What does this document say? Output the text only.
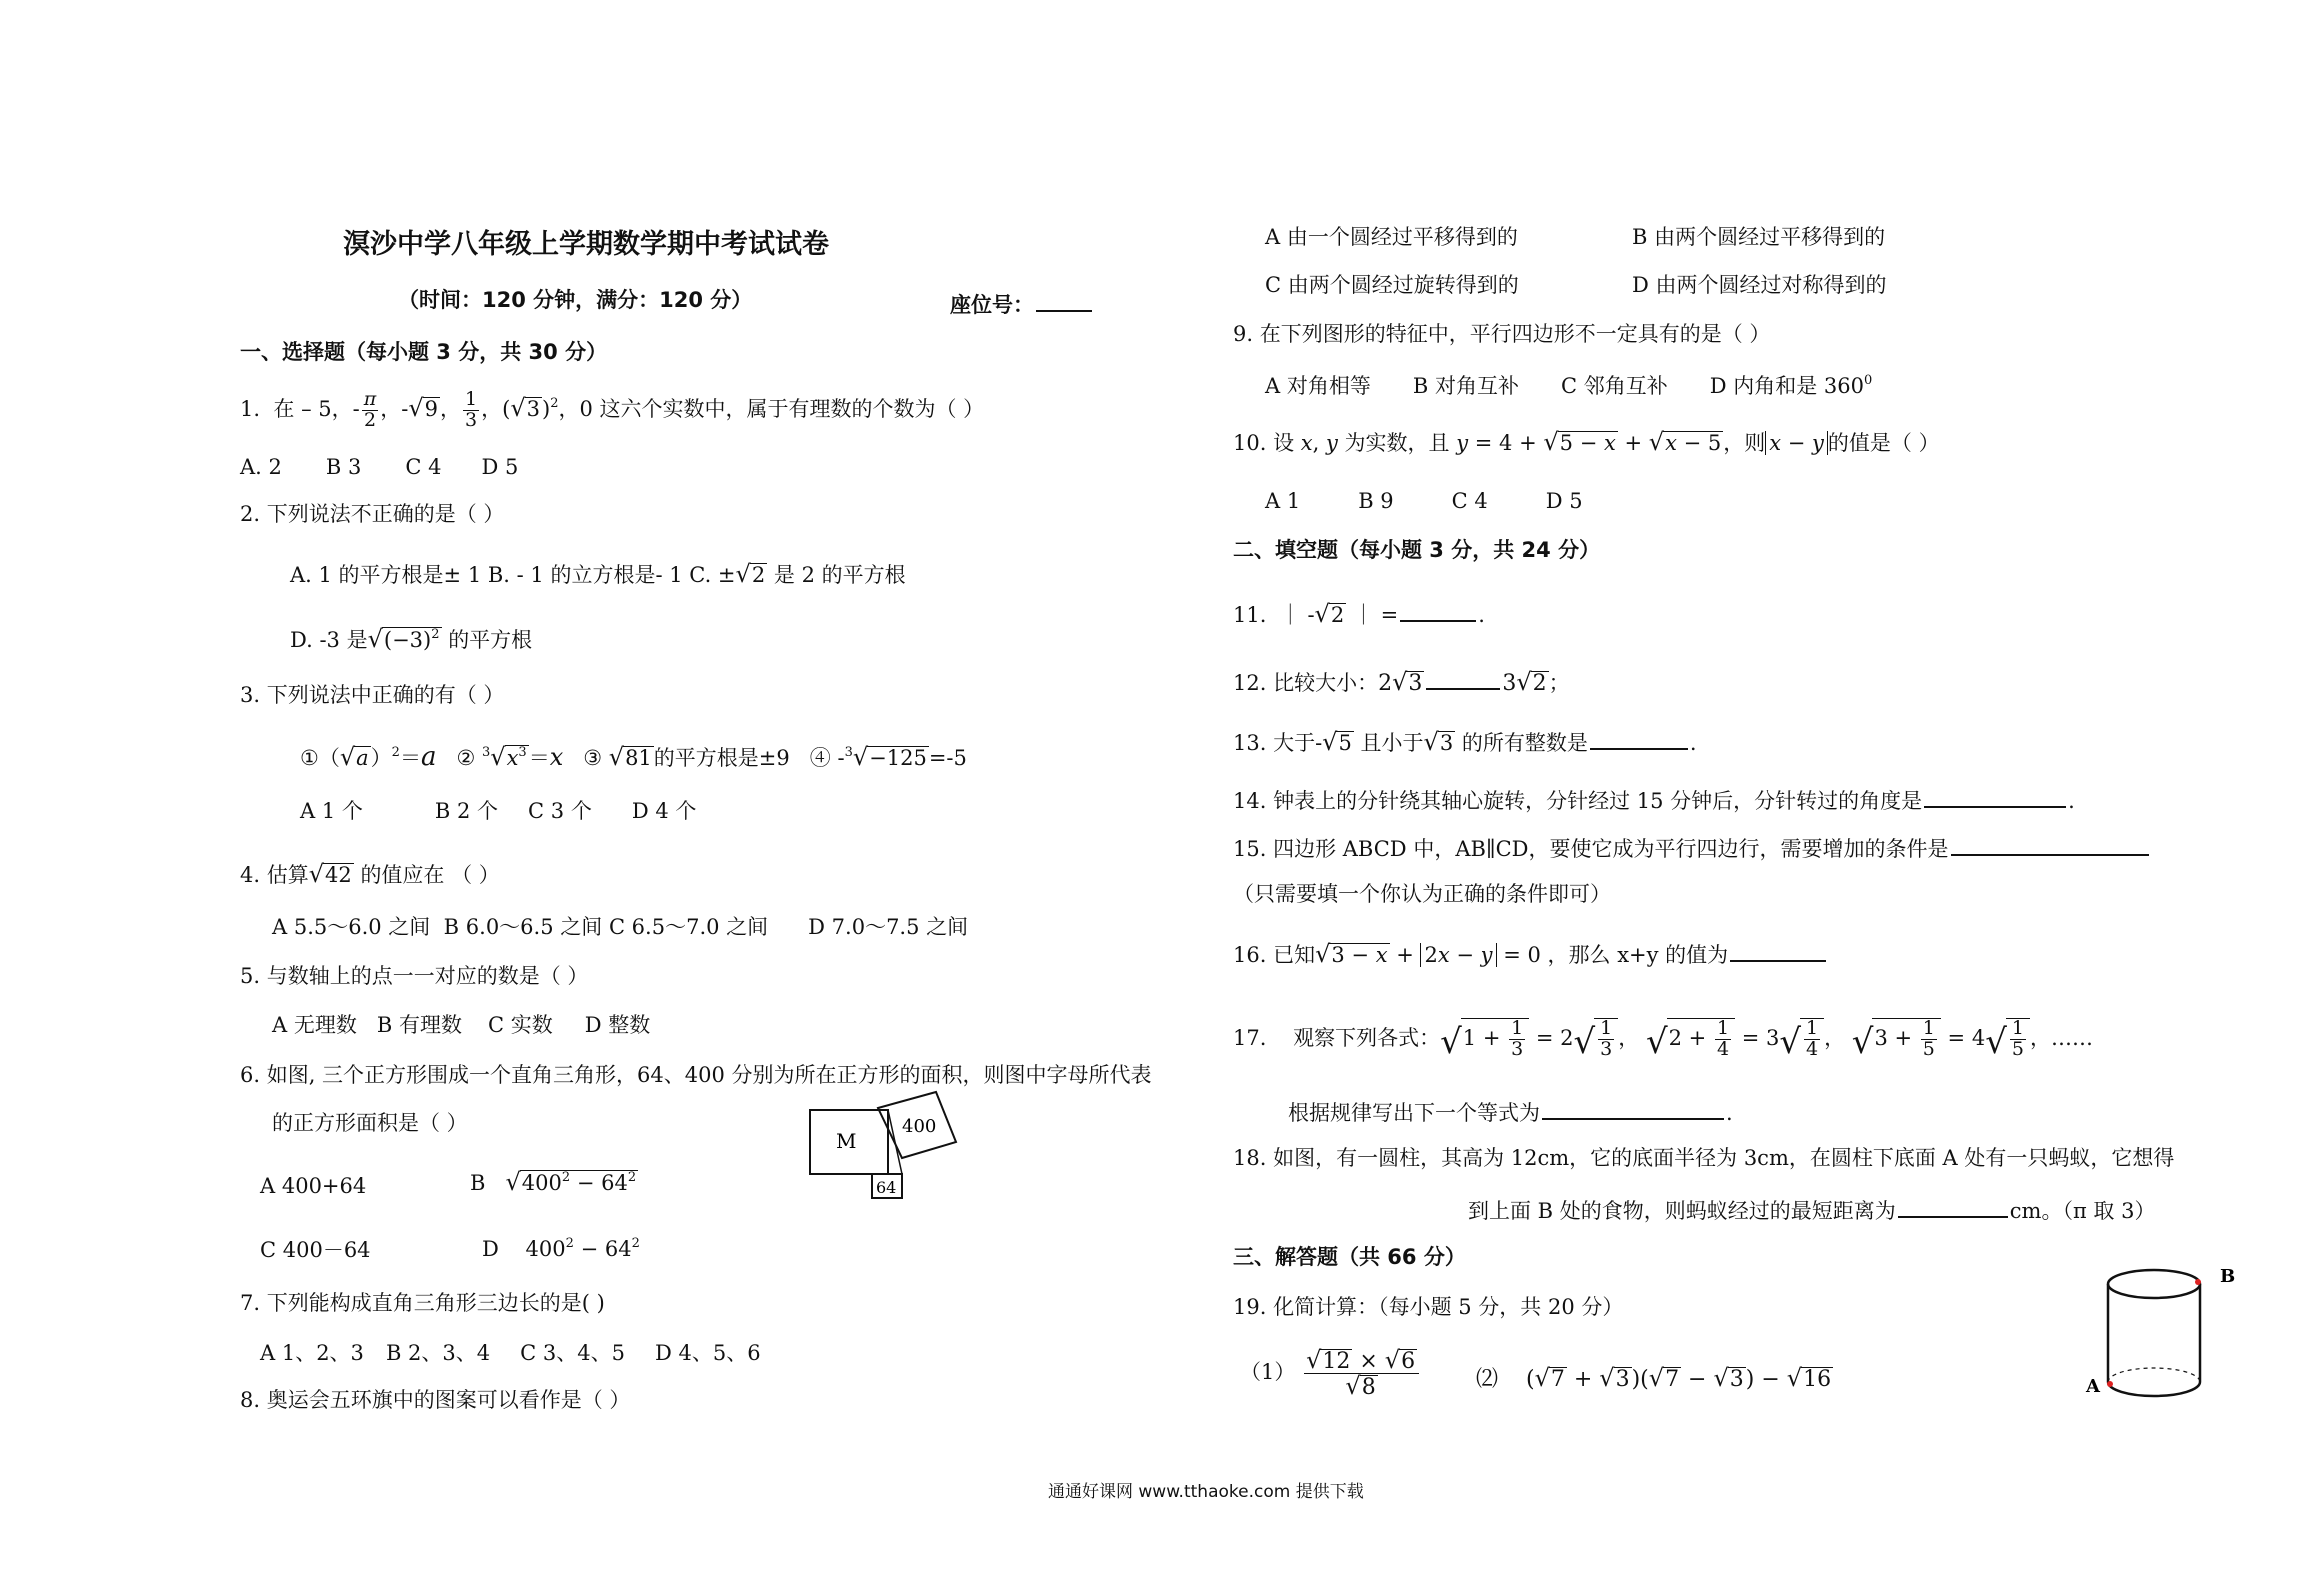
溟沙中学八年级上学期数学期中考试试卷
（时间：120 分钟，满分：120 分）	座位号：
一、选择题（每小题 3 分，共 30 分）
1. 在 – 5，- $\frac{\pi}{2}$ ，-√9， $\frac{1}{3}$ ，$(√3)^2$，0 这六个实数中，属于有理数的个数为（ ）
A. 2 B 3 C 4 D 5
2. 下列说法不正确的是（ ）
A. 1 的平方根是± 1 B. - 1 的立方根是- 1 C. ±√2 是 2 的平方根
D. -3 是$√(-3)^2$ 的平方根
3. 下列说法中正确的有（ ）
$①(√a)^2=a$   ② $^3√x^3=x$   ③ √81的平方根是±9   ④ -$^3$√−125=-5
A 1 个	B 2 个 C 3 个 D 4 个
4. 估算√42 的值应在 （ ）
A 5.5～6.0 之间 B 6.0～6.5 之间 C 6.5～7.0 之间 D 7.0～7.5 之间
5. 与数轴上的点一一对应的数是（ ）
A 无理数 B 有理数 C 实数 D 整数
6. 如图, 三个正方形围成一个直角三角形，64、400 分别为所在正方形的面积，则图中字母所代表
的正方形面积是（ ）
A 400+64	B $√400^2 - 64^2$
C 400－64	D    $400^2 - 64^2$
M
400
64
7. 下列能构成直角三角形三边长的是( )
A 1、2、3 B 2、3、4 C 3、4、5 D 4、5、6
8. 奥运会五环旗中的图案可以看作是（ ）
A 由一个圆经过平移得到的	B 由两个圆经过平移得到的
C 由两个圆经过旋转得到的	D 由两个圆经过对称得到的
9. 在下列图形的特征中，平行四边形不一定具有的是（ ）
A 对角相等 B 对角互补 C 邻角互补 D 内角和是 $360^0$
10. 设 x, y 为实数，且 y = 4 + √5 − x + √x − 5，则 x − y 的值是（ ）
A 1	B 9	C 4	D 5
二、填空题（每小题 3 分，共 24 分）
11. ｜ -√2 ｜ =	.
12. 比较大小：2√3	3√2；
13. 大于-√5 且小于√3 的所有整数是	.
14. 钟表上的分针绕其轴心旋转，分针经过 15 分钟后，分针转过的角度是	.
15. 四边形 ABCD 中，AB∥CD，要使它成为平行四边行，需要增加的条件是
（只需要填一个你认为正确的条件即可）
16. 已知√3 − x + 2x − y = 0 ，那么 x+y 的值为
17. 观察下列各式：$√1 + \frac{1}{3} = 2√ \frac{1}{3}$ ， $√2 + \frac{1}{4} = 3√ \frac{1}{4}$ ， $√3 + \frac{1}{5} = 4√ \frac{1}{5}$ ，……
根据规律写出下一个等式为	.
18. 如图，有一圆柱，其高为 12cm，它的底面半径为 3cm，在圆柱下底面 A 处有一只蚂蚁，它想得
到上面 B 处的食物，则蚂蚁经过的最短距离为	cm。（π 取 3）
三、解答题（共 66 分）
19. 化简计算：（每小题 5 分，共 20 分）
$(1) \frac{√12 \times √6}{√8}$	⑵    (√7 + √3)(√7 − √3) − √16	A
B
通通好课网 www.tthaoke.com 提供下载
